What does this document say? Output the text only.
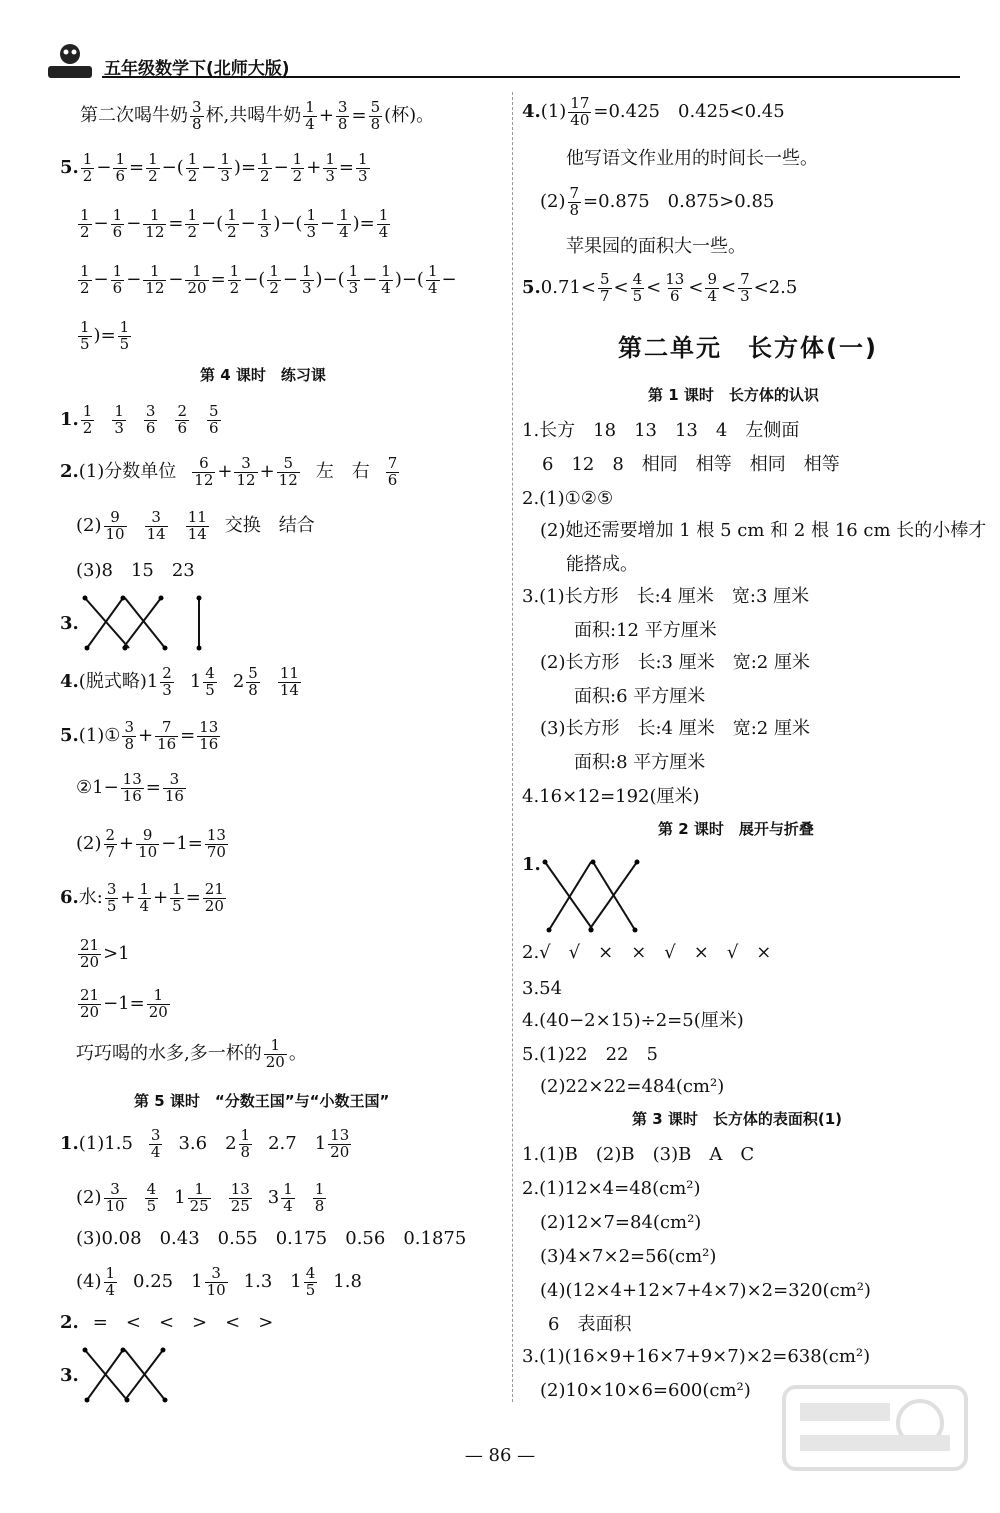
五年级数学下(北师大版)
第二次喝牛奶 $\frac{3}{8}$ 杯,共喝牛奶 $\frac{1}{4} + \frac{3}{8} = \frac{5}{8}$ (杯)。
5. $\frac{1}{2} - \frac{1}{6} = \frac{1}{2}$ −( $\frac{1}{2} - \frac{1}{3}$ )= $\frac{1}{2} - \frac{1}{2} + \frac{1}{3} = \frac{1}{3}$
$\frac{1}{2} - \frac{1}{6} - \frac{1}{12} = \frac{1}{2}$ −( $\frac{1}{2} - \frac{1}{3}$ )−( $\frac{1}{3} - \frac{1}{4}$ )= $\frac{1}{4}$
$\frac{1}{2} - \frac{1}{6} - \frac{1}{12} - \frac{1}{20} = \frac{1}{2}$ −( $\frac{1}{2} - \frac{1}{3}$ )−( $\frac{1}{3} - \frac{1}{4}$ )−( $\frac{1}{4}$ −
$\frac{1}{5}$ )= $\frac{1}{5}$
第 4 课时　练习课
1. $\frac{1}{2} \frac{1}{3} \frac{3}{6} \frac{2}{6} \frac{5}{6}$
2. (1)分数单位 $\frac{6}{12} + \frac{3}{12} + \frac{5}{12}$ 左　右 $\frac{7}{6}$
$(2) \frac{9}{10} \frac{3}{14} \frac{11}{14}$ 交换　结合
(3)8　15　23
3.
4. (脱式略)$1 \frac{2}{3} 1 \frac{4}{5} 2 \frac{5}{8} \frac{11}{14}$
5. (1)① $\frac{3}{8} + \frac{7}{16} = \frac{13}{16}$
②1− $\frac{13}{16} = \frac{3}{16}$
$(2) \frac{2}{7} + \frac{9}{10} -1= \frac{13}{70}$
6. 水: $\frac{3}{5} + \frac{1}{4} + \frac{1}{5} = \frac{21}{20}$
$\frac{21}{20} >1$
$\frac{21}{20} -1= \frac{1}{20}$
巧巧喝的水多,多一杯的 $\frac{1}{20}$ 。
第 5 课时　“分数王国”与“小数王国”
1. $(1)1.5 \frac{3}{4} 3.6$　$2 \frac{1}{8} 2.7$　$1 \frac{13}{20}$
$(2) \frac{3}{10} \frac{4}{5} 1 \frac{1}{25} \frac{13}{25} 3 \frac{1}{4} \frac{1}{8}$
(3)0.08　0.43　0.55　0.175　0.56　0.1875
$(4) \frac{1}{4} 0.25$　$1 \frac{3}{10} 1.3$　$1 \frac{4}{5} 1.8$
2. =　<　<　>　<　>
3.
4. $(1) \frac{17}{40} =0.425$　0.425<0.45
他写语文作业用的时间长一些。
$(2) \frac{7}{8} =0.875$　0.875>0.85
苹果园的面积大一些。
5. $0.71< \frac{5}{7} < \frac{4}{5} < \frac{13}{6} < \frac{9}{4} < \frac{7}{3} <2.5$
第二单元　长方体(一)
第 1 课时　长方体的认识
1.长方　18　13　13　4　左侧面
6　12　8　相同　相等　相同　相等
2.(1)①②⑤
(2)她还需要增加 1 根 5 cm 和 2 根 16 cm 长的小棒才
能搭成。
3.(1)长方形　长:4 厘米　宽:3 厘米
面积:12 平方厘米
(2)长方形　长:3 厘米　宽:2 厘米
面积:6 平方厘米
(3)长方形　长:4 厘米　宽:2 厘米
面积:8 平方厘米
4.16×12=192(厘米)
第 2 课时　展开与折叠
1.
2.√　√　×　×　√　×　√　×
3.54
4.(40−2×15)÷2=5(厘米)
5.(1)22　22　5
(2)22×22=484(cm²)
第 3 课时　长方体的表面积(1)
1.(1)B　(2)B　(3)B　A　C
2.(1)12×4=48(cm²)
(2)12×7=84(cm²)
(3)4×7×2=56(cm²)
(4)(12×4+12×7+4×7)×2=320(cm²)
6　表面积
3.(1)(16×9+16×7+9×7)×2=638(cm²)
(2)10×10×6=600(cm²)
— 86 —
